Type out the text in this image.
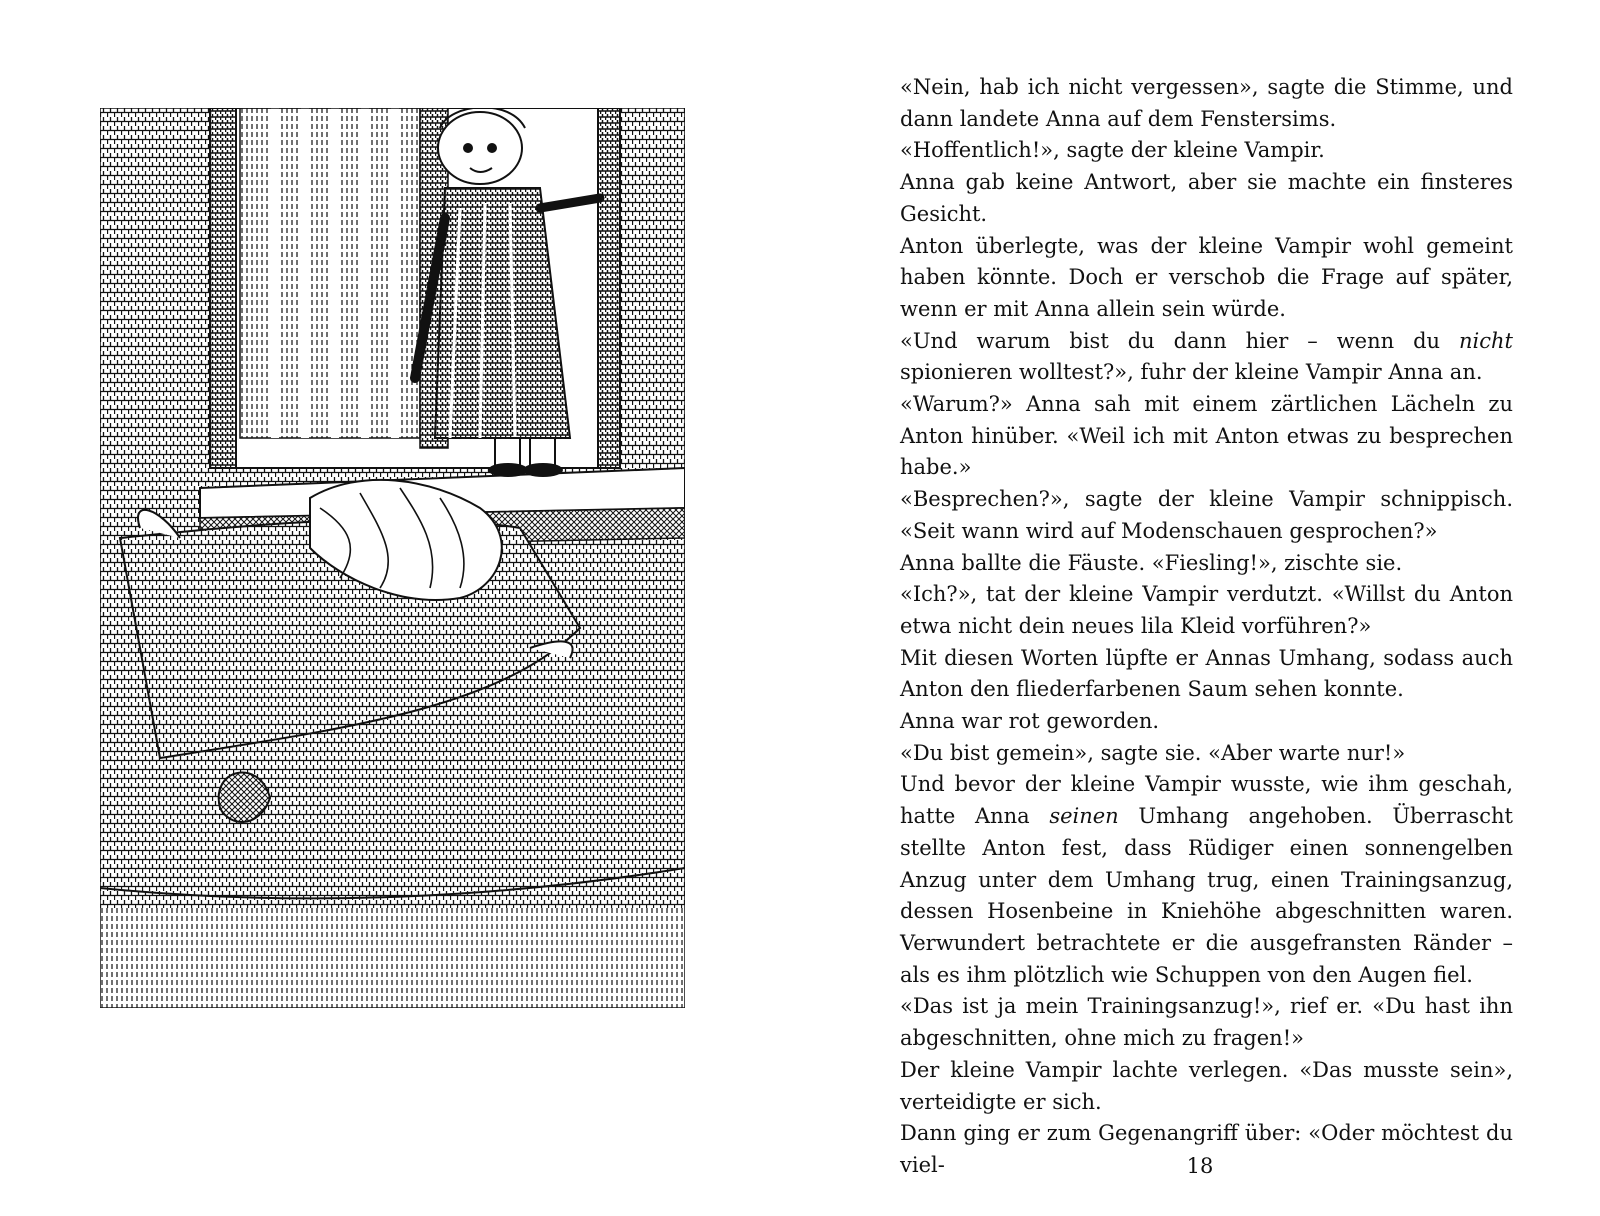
«Nein, hab ich nicht vergessen», sagte die Stimme, und dann landete Anna auf dem Fenstersims.

«Hoffentlich!», sagte der kleine Vampir.

Anna gab keine Antwort, aber sie machte ein finsteres Gesicht.

Anton überlegte, was der kleine Vampir wohl gemeint haben könnte. Doch er verschob die Frage auf später, wenn er mit Anna allein sein würde.

«Und warum bist du dann hier – wenn du nicht spionieren wolltest?», fuhr der kleine Vampir Anna an.

«Warum?» Anna sah mit einem zärtlichen Lächeln zu Anton hinüber. «Weil ich mit Anton etwas zu besprechen habe.»

«Besprechen?», sagte der kleine Vampir schnippisch. «Seit wann wird auf Modenschauen gesprochen?»

Anna ballte die Fäuste. «Fiesling!», zischte sie.

«Ich?», tat der kleine Vampir verdutzt. «Willst du Anton etwa nicht dein neues lila Kleid vorführen?»

Mit diesen Worten lüpfte er Annas Umhang, sodass auch Anton den fliederfarbenen Saum sehen konnte.

Anna war rot geworden.

«Du bist gemein», sagte sie. «Aber warte nur!»

Und bevor der kleine Vampir wusste, wie ihm geschah, hatte Anna seinen Umhang angehoben. Überrascht stellte Anton fest, dass Rüdiger einen sonnengelben Anzug unter dem Umhang trug, einen Trainingsanzug, dessen Hosenbeine in Kniehöhe abgeschnitten waren. Verwundert betrachtete er die ausgefransten Ränder – als es ihm plötzlich wie Schuppen von den Augen fiel.

«Das ist ja mein Trainingsanzug!», rief er. «Du hast ihn abgeschnitten, ohne mich zu fragen!»

Der kleine Vampir lachte verlegen. «Das musste sein», verteidigte er sich.

Dann ging er zum Gegenangriff über: «Oder möchtest du viel-	18
